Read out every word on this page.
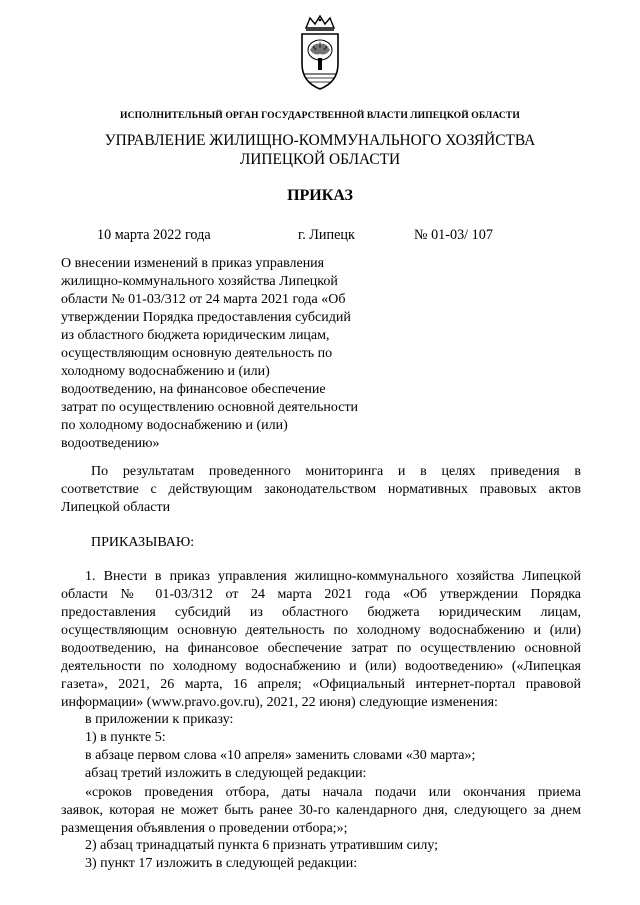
ИСПОЛНИТЕЛЬНЫЙ ОРГАН ГОСУДАРСТВЕННОЙ ВЛАСТИ ЛИПЕЦКОЙ ОБЛАСТИ
УПРАВЛЕНИЕ ЖИЛИЩНО-КОММУНАЛЬНОГО ХОЗЯЙСТВА
ЛИПЕЦКОЙ ОБЛАСТИ
ПРИКАЗ
10 марта 2022 года	г. Липецк	№ 01-03/ 107
О внесении изменений в приказ управления
жилищно-коммунального хозяйства Липецкой
области № 01-03/312 от 24 марта 2021 года «Об
утверждении Порядка предоставления субсидий
из областного бюджета юридическим лицам,
осуществляющим основную деятельность по
холодному водоснабжению и (или)
водоотведению, на финансовое обеспечение
затрат по осуществлению основной деятельности
по холодному водоснабжению и (или)
водоотведению»
По результатам проведенного мониторинга и в целях приведения в
соответствие с действующим законодательством нормативных правовых актов
Липецкой области
ПРИКАЗЫВАЮ:
1. Внести в приказ управления жилищно-коммунального хозяйства Липецкой
области № 01-03/312 от 24 марта 2021 года «Об утверждении Порядка
предоставления субсидий из областного бюджета юридическим лицам,
осуществляющим основную деятельность по холодному водоснабжению и (или)
водоотведению, на финансовое обеспечение затрат по осуществлению основной
деятельности по холодному водоснабжению и (или) водоотведению» («Липецкая
газета», 2021, 26 марта, 16 апреля; «Официальный интернет-портал правовой
информации» (www.pravo.gov.ru), 2021, 22 июня) следующие изменения:
в приложении к приказу:
1) в пункте 5:
в абзаце первом слова «10 апреля» заменить словами «30 марта»;
абзац третий изложить в следующей редакции:
«сроков проведения отбора, даты начала подачи или окончания приема
заявок, которая не может быть ранее 30-го календарного дня, следующего за днем
размещения объявления о проведении отбора;»;
2) абзац тринадцатый пункта 6 признать утратившим силу;
3) пункт 17 изложить в следующей редакции:
